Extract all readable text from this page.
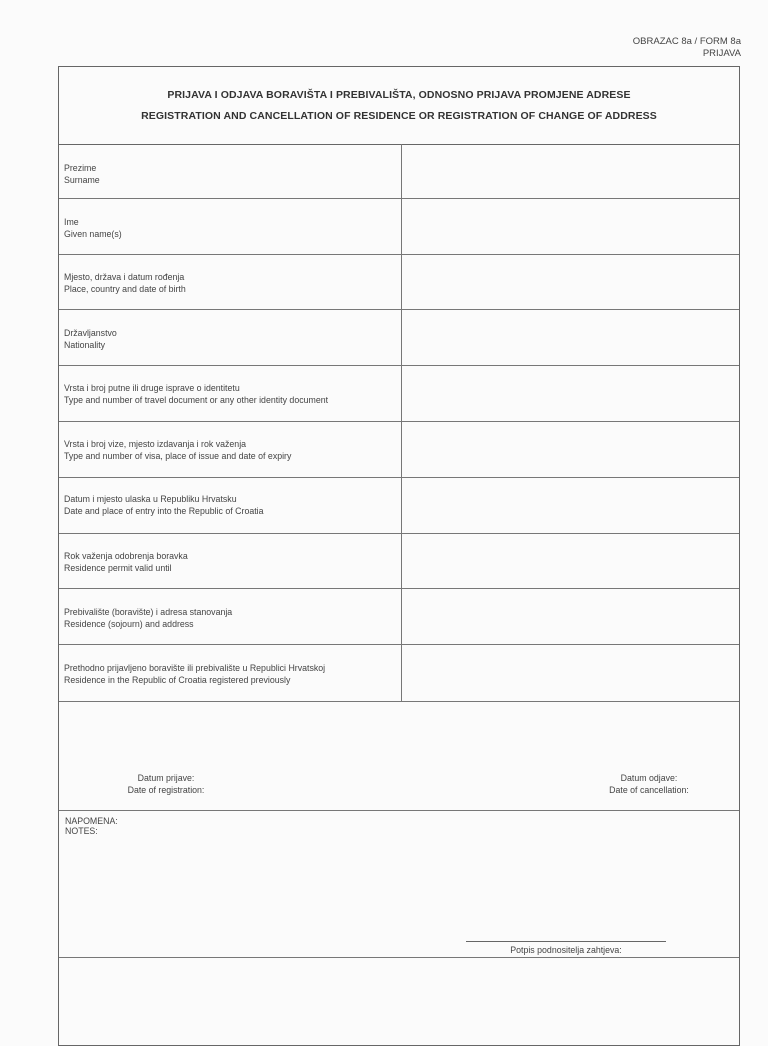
OBRAZAC 8a / FORM 8a
PRIJAVA
PRIJAVA I ODJAVA BORAVIŠTA I PREBIVALIŠTA, ODNOSNO PRIJAVA PROMJENE ADRESE
REGISTRATION AND CANCELLATION OF RESIDENCE OR REGISTRATION OF CHANGE OF ADDRESS
Prezime
Surname
Ime
Given name(s)
Mjesto, država i datum rođenja
Place, country and date of birth
Državljanstvo
Nationality
Vrsta i broj putne ili druge isprave o identitetu
Type and number of travel document or any other identity document
Vrsta i broj vize, mjesto izdavanja i rok važenja
Type and number of visa, place of issue and date of expiry
Datum i mjesto ulaska u Republiku Hrvatsku
Date and place of entry into the Republic of Croatia
Rok važenja odobrenja boravka
Residence permit valid until
Prebivalište (boravište) i adresa stanovanja
Residence (sojourn) and address
Prethodno prijavljeno boravište ili prebivalište u Republici Hrvatskoj
Residence in the Republic of Croatia registered previously
Datum prijave:
Date of registration:
Datum odjave:
Date of cancellation:
NAPOMENA:
NOTES:
Potpis podnositelja zahtjeva:
